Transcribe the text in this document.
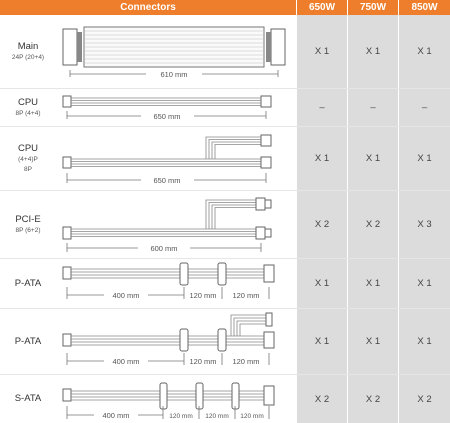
Connectors	650W	750W	850W
Main
24P (20+4)
610 mm
X 1	X 1	X 1
CPU
8P (4+4)	650 mm
–	–	–
CPU
(4+4)P
8P
650 mm
X 1	X 1	X 1
PCI-E
8P (6+2)
600 mm
X 2	X 2	X 3
P-ATA
400 mm	120 mm 120 mm
X 1	X 1	X 1
P-ATA
400 mm	120 mm 120 mm
X 1	X 1	X 1
S-ATA
400 mm	120 mm 120 mm 120 mm
X 2	X 2	X 2
